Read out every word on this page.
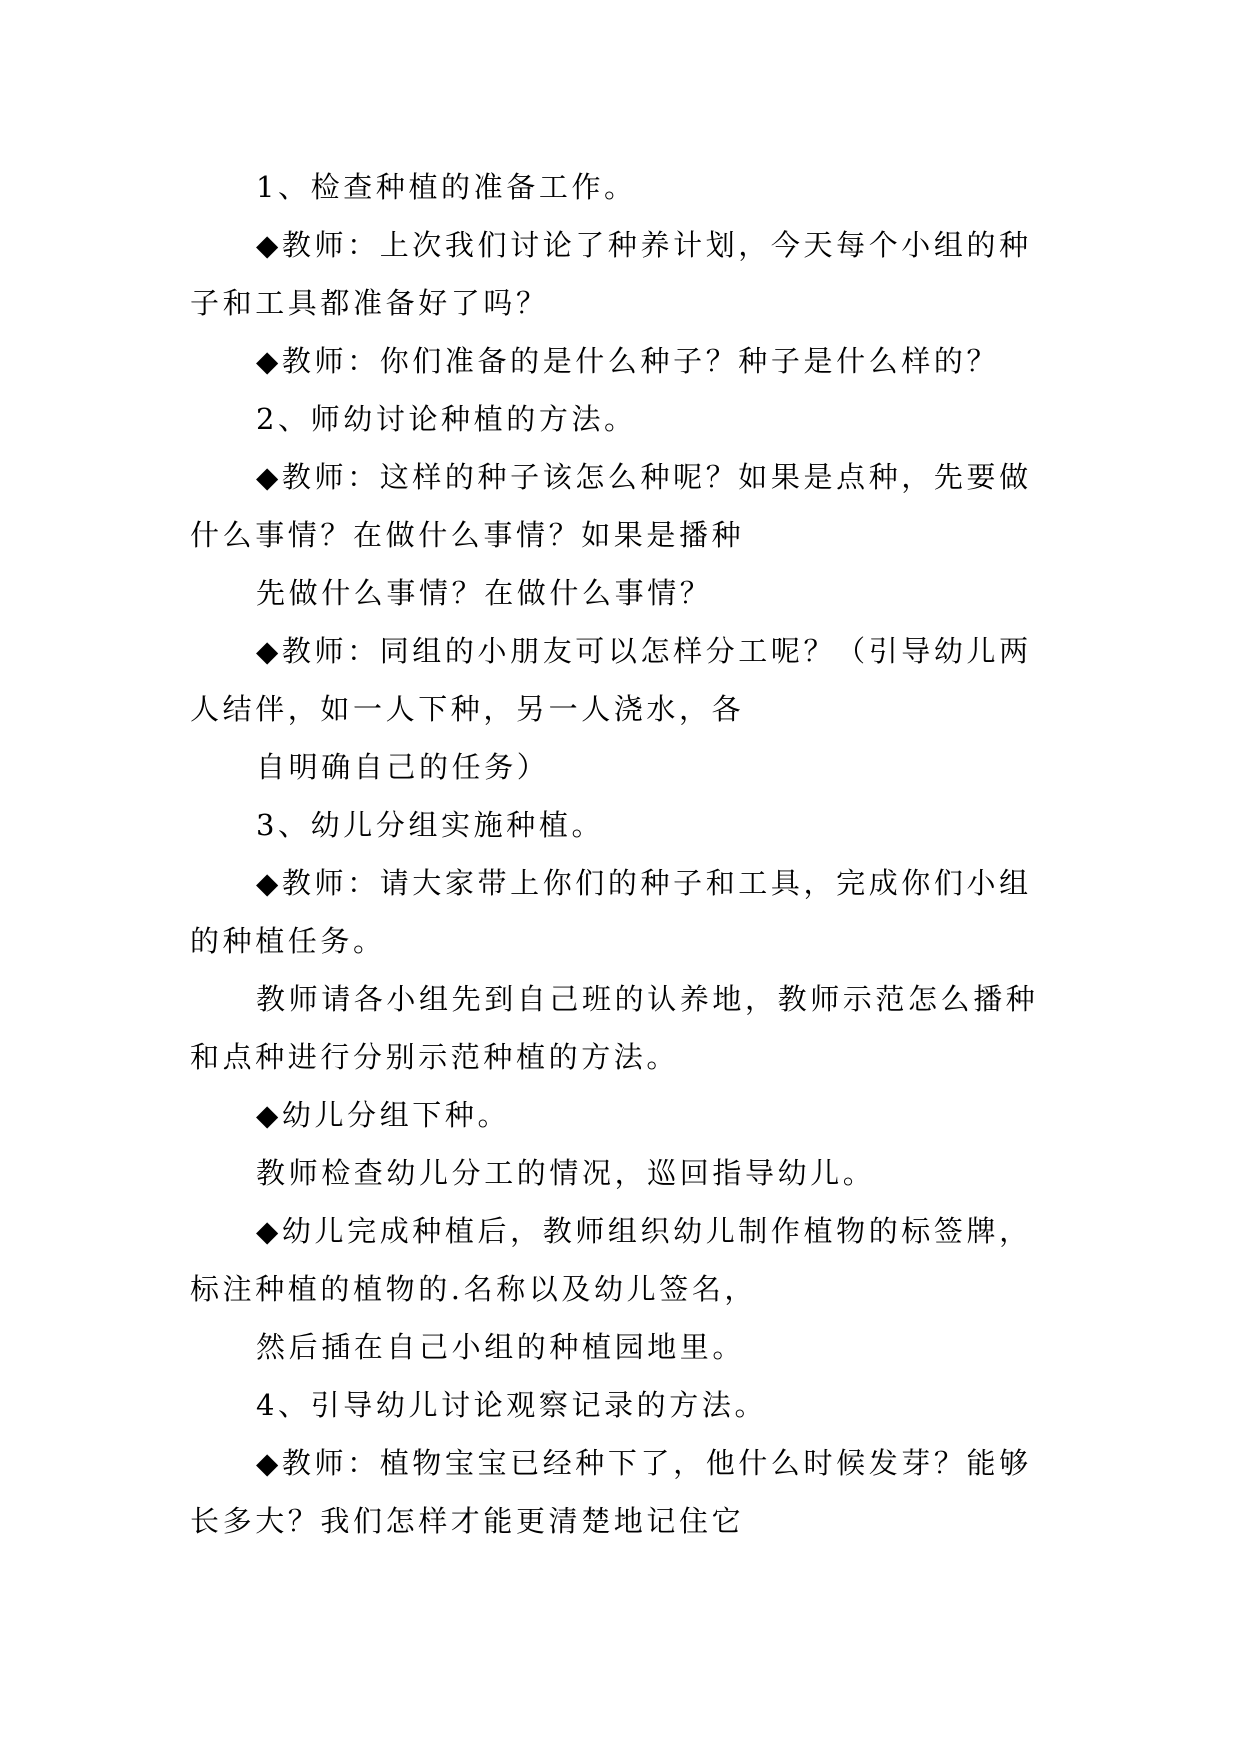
1、检查种植的准备工作。
◆教师：上次我们讨论了种养计划，今天每个小组的种
子和工具都准备好了吗？
◆教师：你们准备的是什么种子？种子是什么样的？
2、师幼讨论种植的方法。
◆教师：这样的种子该怎么种呢？如果是点种，先要做
什么事情？在做什么事情？如果是播种
先做什么事情？在做什么事情？
◆教师：同组的小朋友可以怎样分工呢？（引导幼儿两
人结伴，如一人下种，另一人浇水，各
自明确自己的任务）
3、幼儿分组实施种植。
◆教师：请大家带上你们的种子和工具，完成你们小组
的种植任务。
教师请各小组先到自己班的认养地，教师示范怎么播种
和点种进行分别示范种植的方法。
◆幼儿分组下种。
教师检查幼儿分工的情况，巡回指导幼儿。
◆幼儿完成种植后，教师组织幼儿制作植物的标签牌，
标注种植的植物的.名称以及幼儿签名，
然后插在自己小组的种植园地里。
4、引导幼儿讨论观察记录的方法。
◆教师：植物宝宝已经种下了，他什么时候发芽？能够
长多大？我们怎样才能更清楚地记住它
